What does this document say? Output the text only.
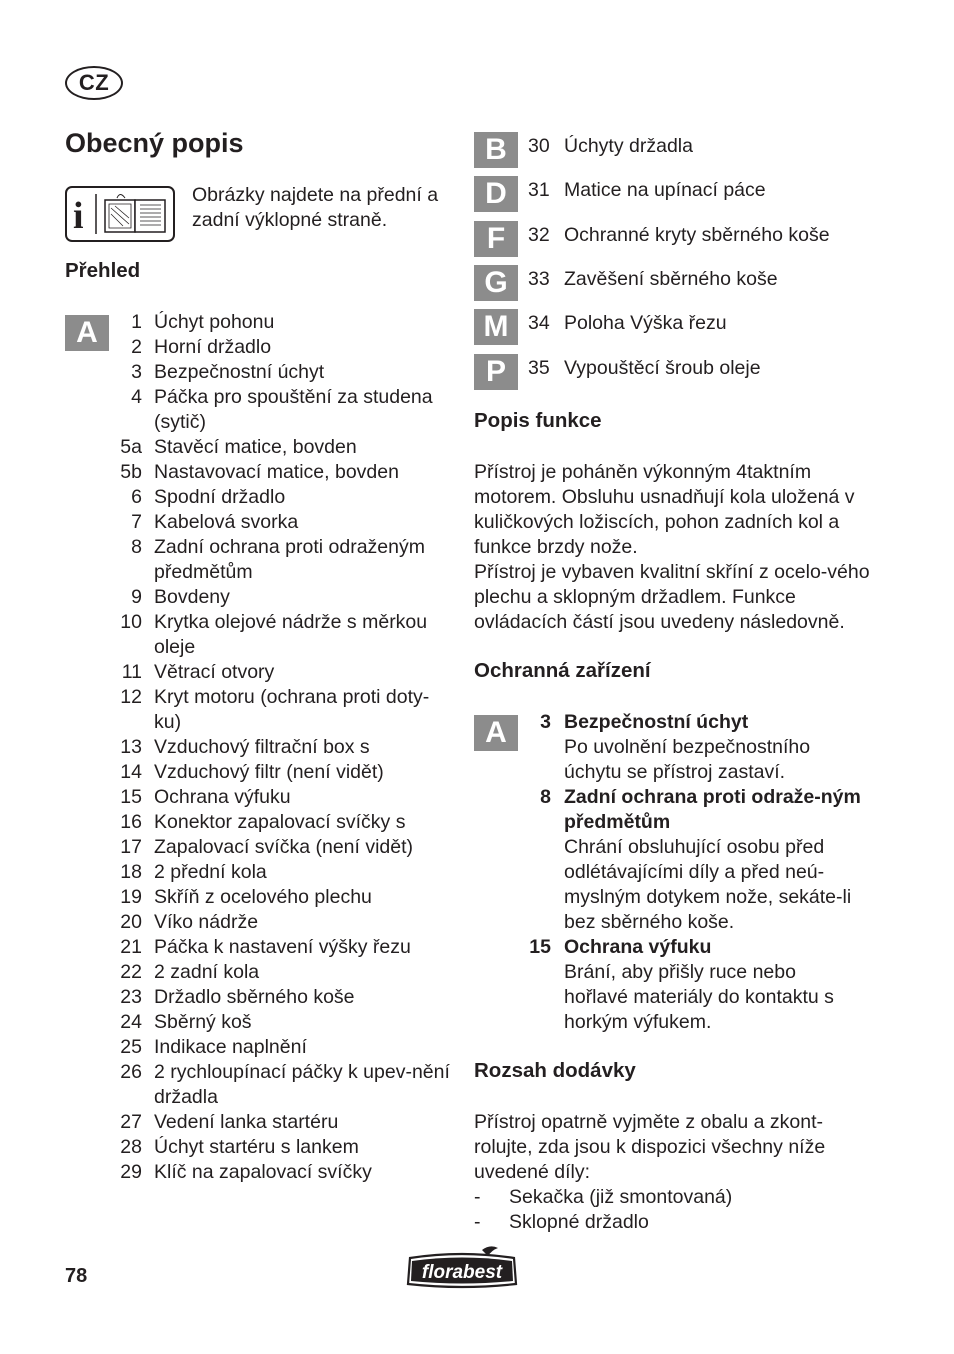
CZ
Obecný popis
i	Obrázky najdete na přední a zadní výklopné straně.
Přehled
A	1 Úchyt pohonu
2 Horní držadlo
3 Bezpečnostní úchyt
4 Páčka pro spouštění za studena (sytič)
5a Stavěcí matice, bovden
5b Nastavovací matice, bovden
6 Spodní držadlo
7 Kabelová svorka
8 Zadní ochrana proti odraženým předmětům
9 Bovdeny
10 Krytka olejové nádrže s měrkou oleje
11 Větrací otvory
12 Kryt motoru (ochrana proti doty-ku)
13 Vzduchový filtrační box s
14 Vzduchový filtr (není vidět)
15 Ochrana výfuku
16 Konektor zapalovací svíčky s
17 Zapalovací svíčka (není vidět)
18 2 přední kola
19 Skříň z ocelového plechu
20 Víko nádrže
21 Páčka k nastavení výšky řezu
22 2 zadní kola
23 Držadlo sběrného koše
24 Sběrný koš
25 Indikace naplnění
26 2 rychloupínací páčky k upev-nění držadla
27 Vedení lanka startéru
28 Úchyt startéru s lankem
29 Klíč na zapalovací svíčky
B	30 Úchyty držadla
D	31 Matice na upínací páce
F	32 Ochranné kryty sběrného koše
G	33 Zavěšení sběrného koše
M	34 Poloha Výška řezu
P	35 Vypouštěcí šroub oleje
Popis funkce
Přístroj je poháněn výkonným 4taktním motorem. Obsluhu usnadňují kola uložená v kuličkových ložiscích, pohon zadních kol a funkce brzdy nože.
Přístroj je vybaven kvalitní skříní z ocelo-vého plechu a sklopným držadlem. Funkce ovládacích částí jsou uvedeny následovně.
Ochranná zařízení
A	3 Bezpečnostní úchyt
Po uvolnění bezpečnostního úchytu se přístroj zastaví.
8 Zadní ochrana proti odraže-ným předmětům
Chrání obsluhující osobu před odlétávajícími díly a před neú-myslným dotykem nože, sekáte-li bez sběrného koše.
15 Ochrana výfuku
Brání, aby přišly ruce nebo hořlavé materiály do kontaktu s horkým výfukem.
Rozsah dodávky
Přístroj opatrně vyjměte z obalu a zkont-rolujte, zda jsou k dispozici všechny níže uvedené díly:
-	Sekačka (již smontovaná)
-	Sklopné držadlo
78	florabest
